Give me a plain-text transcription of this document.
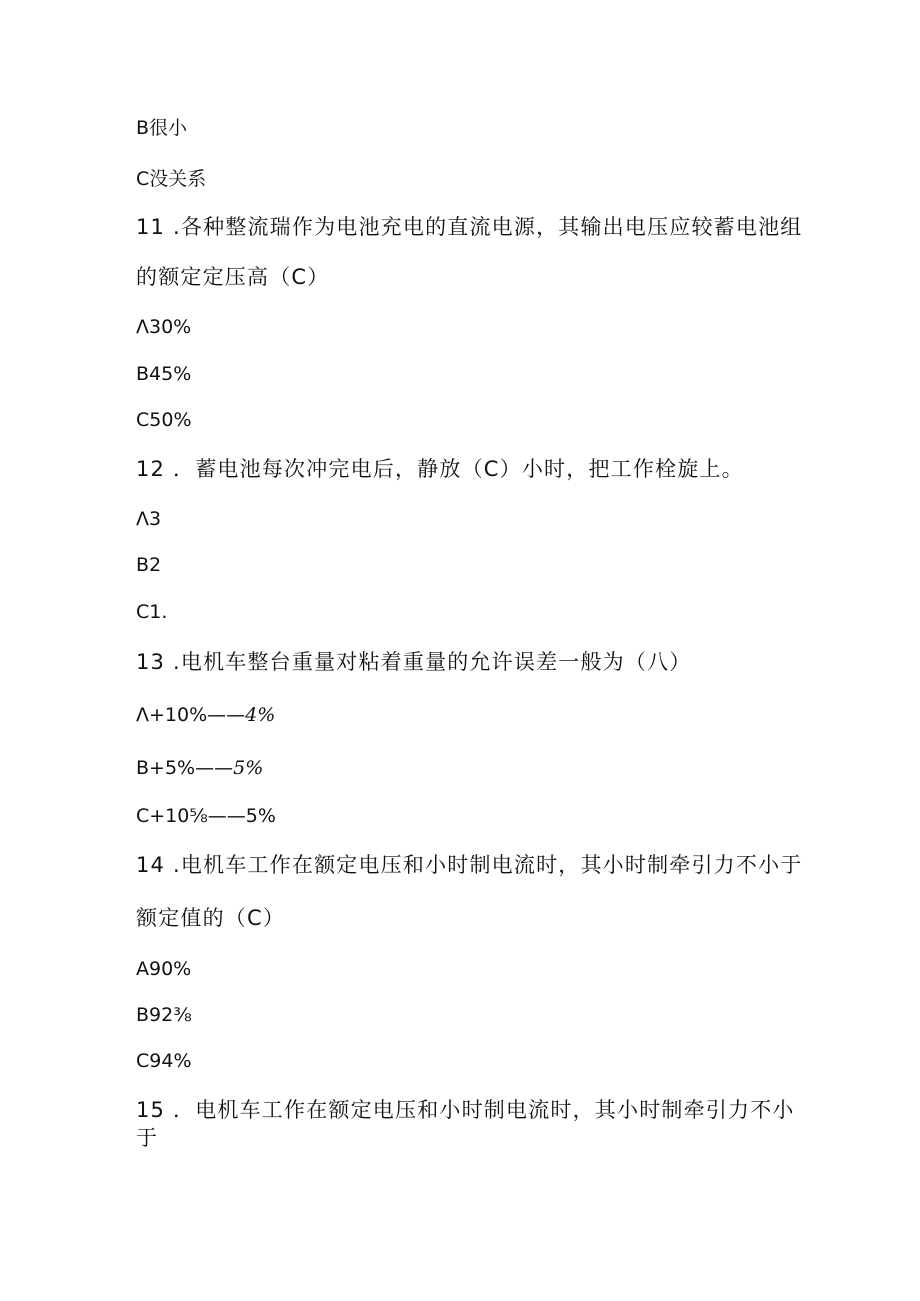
B很小
C没关系
11 .各种整流瑞作为电池充电的直流电源，其输出电压应较蓄电池组
的额定定压高（C）
Λ30%
B45%
C50%
12 ．蓄电池每次冲完电后，静放（C）小时，把工作栓旋上。
Λ3
B2
C1.
13 .电机车整台重量对粘着重量的允许误差一般为（八）
Λ+10%——4%
B+5%——5%
C+10⅝——5%
14 .电机车工作在额定电压和小时制电流时，其小时制牵引力不小于
额定值的（C）
A90%
B92⅜
C94%
15 ．电机车工作在额定电压和小时制电流时，其小时制牵引力不小
于
